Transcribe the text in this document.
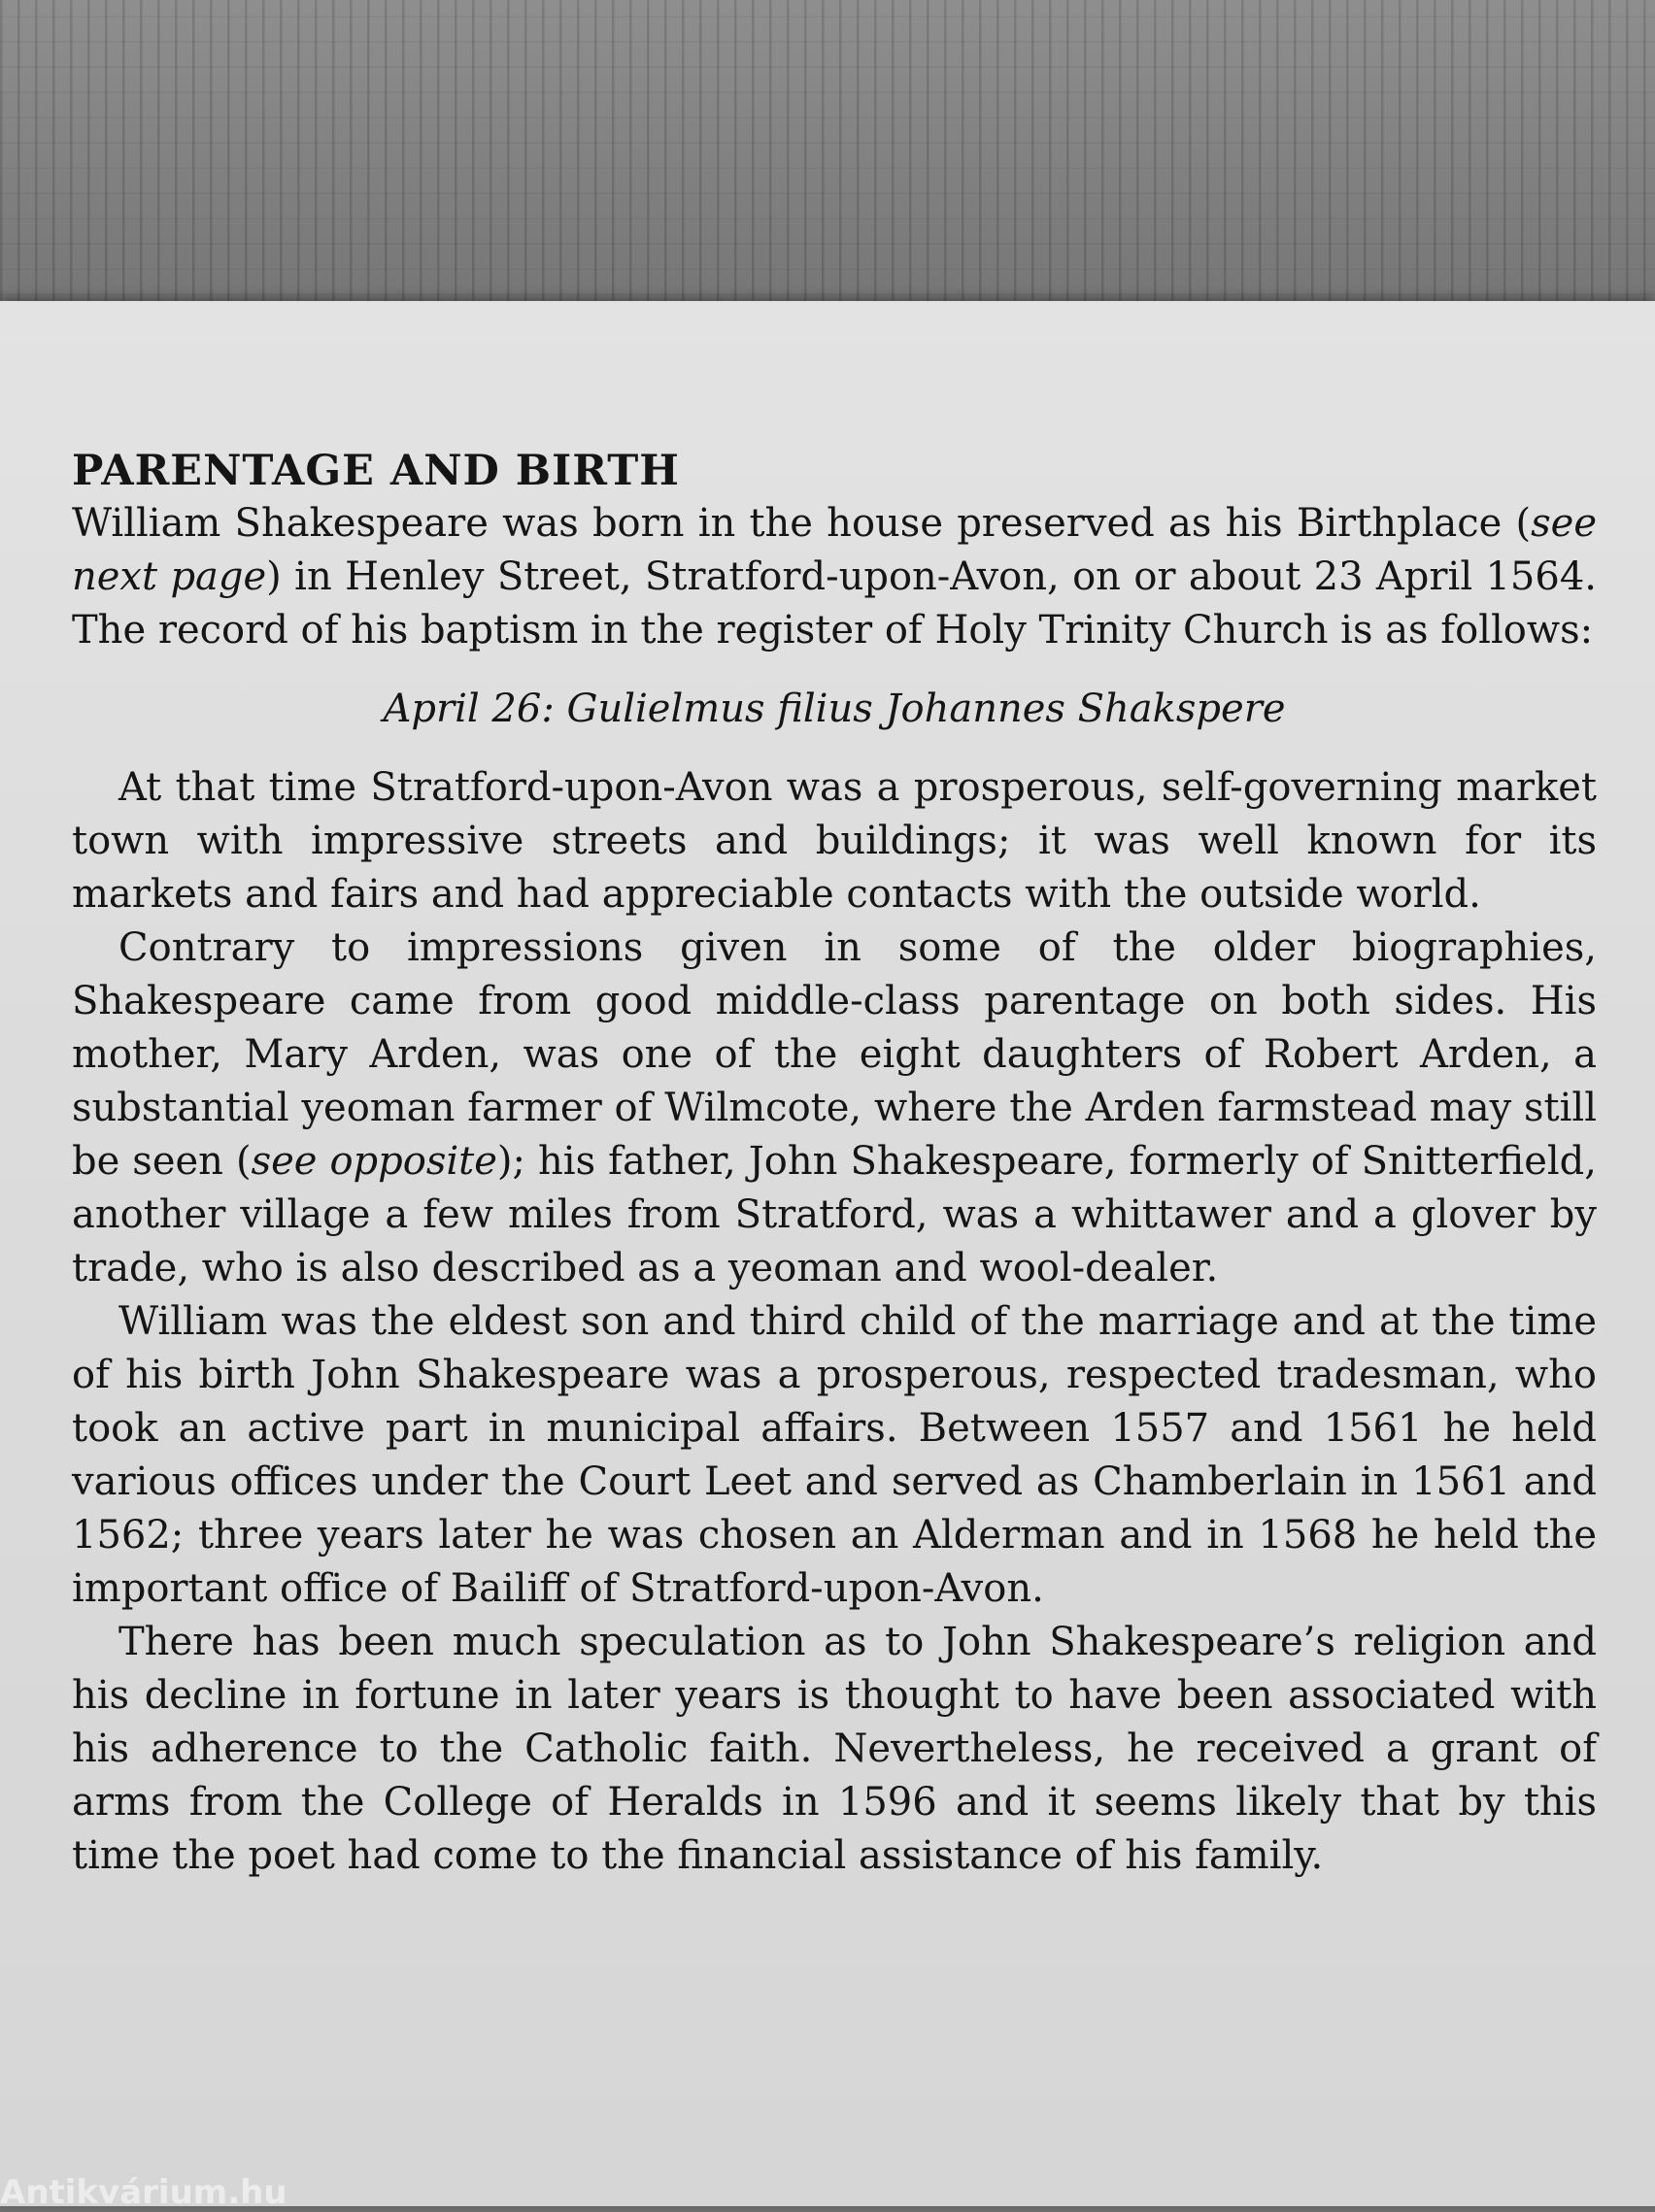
PARENTAGE AND BIRTH

William Shakespeare was born in the house preserved as his Birthplace (see next page) in Henley Street, Stratford-upon-Avon, on or about 23 April 1564. The record of his baptism in the register of Holy Trinity Church is as follows:

April 26: Gulielmus filius Johannes Shakspere

At that time Stratford-upon-Avon was a prosperous, self-governing market town with impressive streets and buildings; it was well known for its markets and fairs and had appreciable contacts with the outside world.

Contrary to impressions given in some of the older biographies, Shakespeare came from good middle-class parentage on both sides. His mother, Mary Arden, was one of the eight daughters of Robert Arden, a substantial yeoman farmer of Wilmcote, where the Arden farmstead may still be seen (see opposite); his father, John Shakespeare, formerly of Snitterfield, another village a few miles from Stratford, was a whittawer and a glover by trade, who is also described as a yeoman and wool-dealer.

William was the eldest son and third child of the marriage and at the time of his birth John Shakespeare was a prosperous, respected tradesman, who took an active part in municipal affairs. Between 1557 and 1561 he held various offices under the Court Leet and served as Chamberlain in 1561 and 1562; three years later he was chosen an Alderman and in 1568 he held the important office of Bailiff of Stratford-upon-Avon.

There has been much speculation as to John Shakespeare’s religion and his decline in fortune in later years is thought to have been associated with his adherence to the Catholic faith. Nevertheless, he received a grant of arms from the College of Heralds in 1596 and it seems likely that by this time the poet had come to the financial assistance of his family.

Antikvárium.hu
